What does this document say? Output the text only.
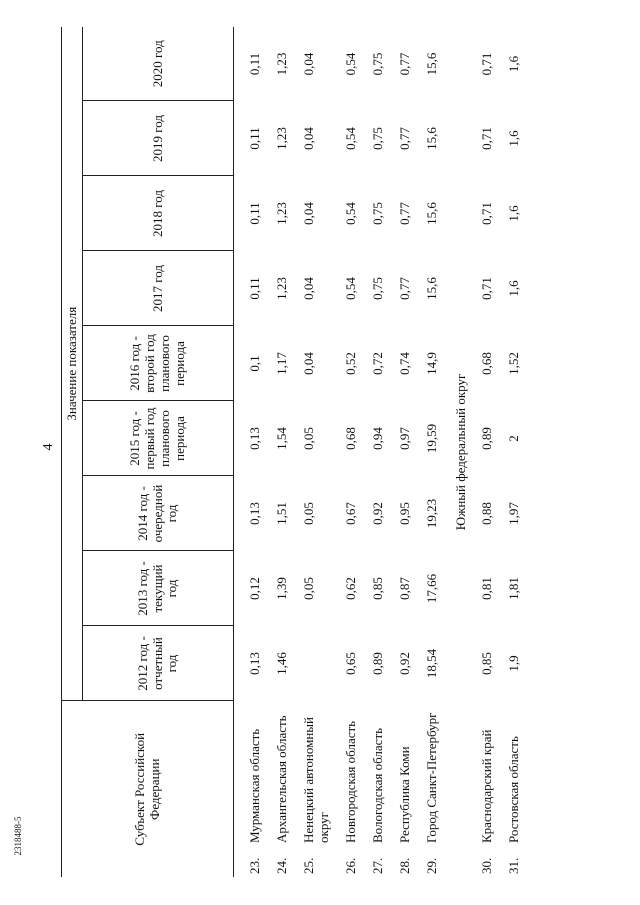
4
Субъект Российской Федерации		Значение показателя								

		2012 год - отчетный год	2013 год - текущий год	2014 год - очередной год	2015 год - первый год планового периода	2016 год - второй год планового периода	2017 год	2018 год	2019 год	2020 год

23.	Мурманская область	0,13	0,12	0,13	0,13	0,1	0,11	0,11	0,11	0,11
24.	Архангельская область	1,46	1,39	1,51	1,54	1,17	1,23	1,23	1,23	1,23
25.	Ненецкий автономный округ		0,05	0,05	0,05	0,04	0,04	0,04	0,04	0,04
26.	Новгородская область	0,65	0,62	0,67	0,68	0,52	0,54	0,54	0,54	0,54
27.	Вологодская область	0,89	0,85	0,92	0,94	0,72	0,75	0,75	0,75	0,75
28.	Республика Коми	0,92	0,87	0,95	0,97	0,74	0,77	0,77	0,77	0,77
29.	Город Санкт-Петербург	18,54	17,66	19,23	19,59	14,9	15,6	15,6	15,6	15,6
Южный федеральный округ										
30.	Краснодарский край	0,85	0,81	0,88	0,89	0,68	0,71	0,71	0,71	0,71
31.	Ростовская область	1,9	1,81	1,97	2	1,52	1,6	1,6	1,6	1,6
2318488-5
